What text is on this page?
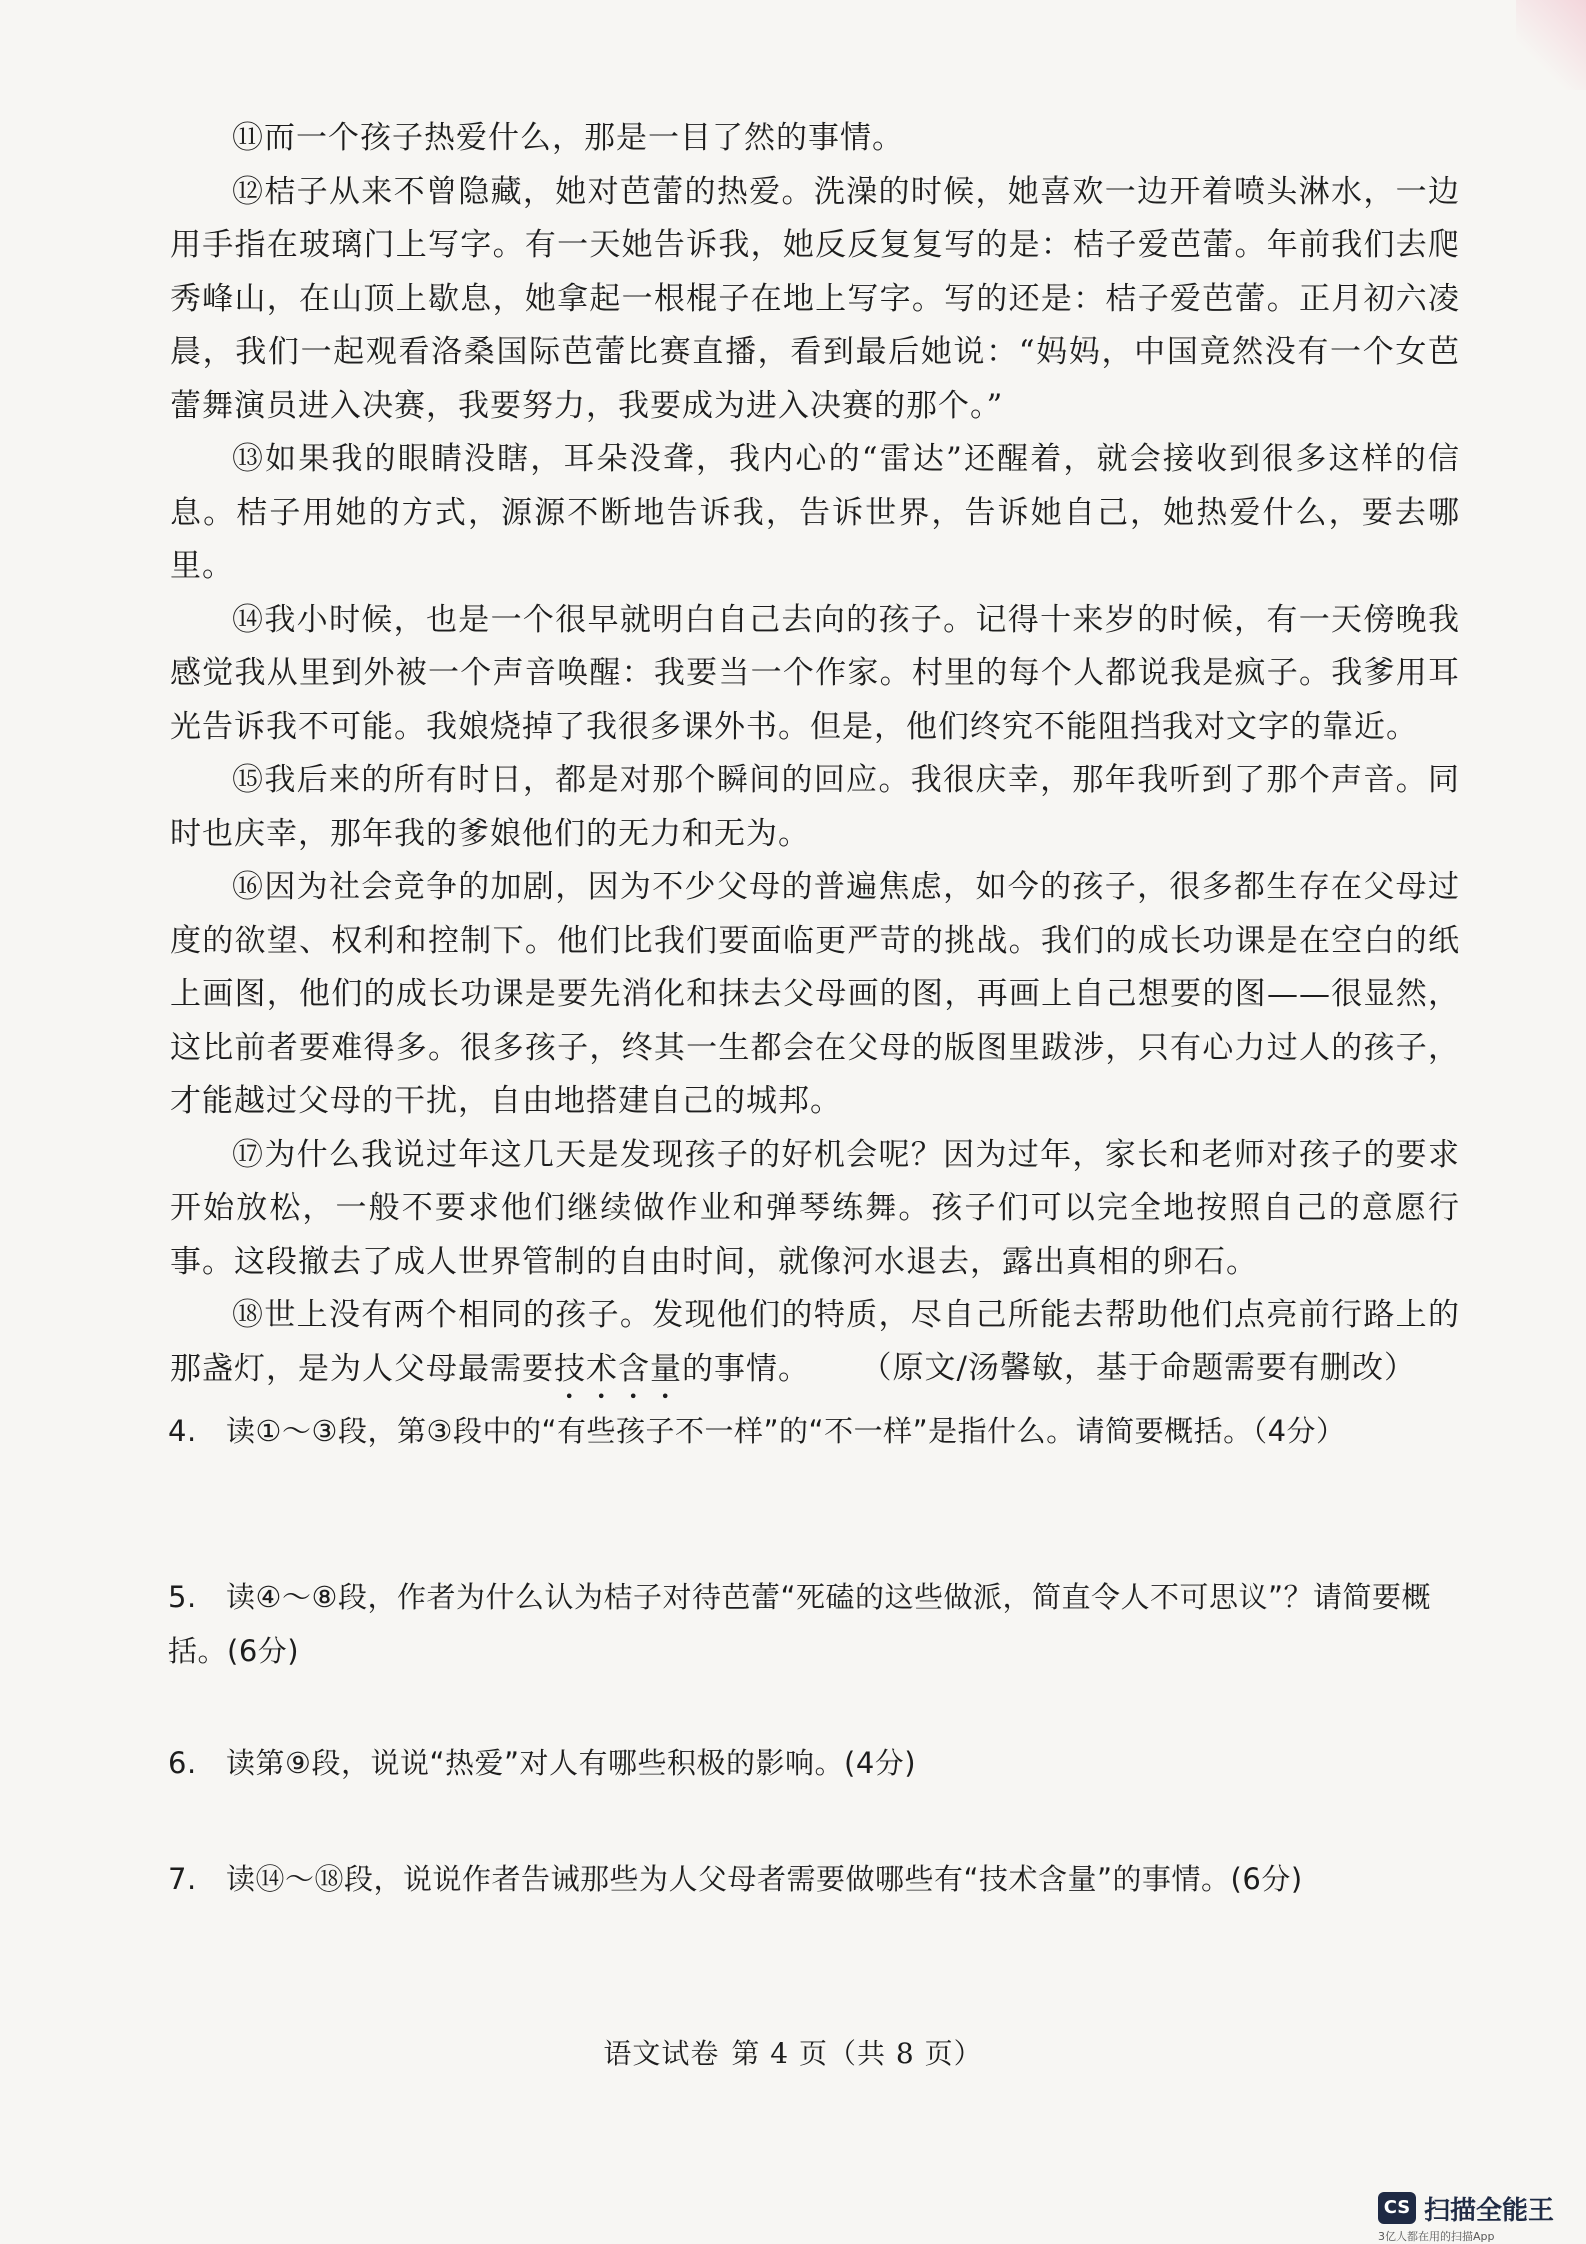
⑪而一个孩子热爱什么，那是一目了然的事情。

⑫桔子从来不曾隐藏，她对芭蕾的热爱。洗澡的时候，她喜欢一边开着喷头淋水，一边用手指在玻璃门上写字。有一天她告诉我，她反反复复写的是：桔子爱芭蕾。年前我们去爬秀峰山，在山顶上歇息，她拿起一根棍子在地上写字。写的还是：桔子爱芭蕾。正月初六凌晨，我们一起观看洛桑国际芭蕾比赛直播，看到最后她说：“妈妈，中国竟然没有一个女芭蕾舞演员进入决赛，我要努力，我要成为进入决赛的那个。”

⑬如果我的眼睛没瞎，耳朵没聋，我内心的“雷达”还醒着，就会接收到很多这样的信息。桔子用她的方式，源源不断地告诉我，告诉世界，告诉她自己，她热爱什么，要去哪里。

⑭我小时候，也是一个很早就明白自己去向的孩子。记得十来岁的时候，有一天傍晚我感觉我从里到外被一个声音唤醒：我要当一个作家。村里的每个人都说我是疯子。我爹用耳光告诉我不可能。我娘烧掉了我很多课外书。但是，他们终究不能阻挡我对文字的靠近。

⑮我后来的所有时日，都是对那个瞬间的回应。我很庆幸，那年我听到了那个声音。同时也庆幸，那年我的爹娘他们的无力和无为。

⑯因为社会竞争的加剧，因为不少父母的普遍焦虑，如今的孩子，很多都生存在父母过度的欲望、权利和控制下。他们比我们要面临更严苛的挑战。我们的成长功课是在空白的纸上画图，他们的成长功课是要先消化和抹去父母画的图，再画上自己想要的图——很显然，这比前者要难得多。很多孩子，终其一生都会在父母的版图里跋涉，只有心力过人的孩子，才能越过父母的干扰，自由地搭建自己的城邦。

⑰为什么我说过年这几天是发现孩子的好机会呢？因为过年，家长和老师对孩子的要求开始放松，一般不要求他们继续做作业和弹琴练舞。孩子们可以完全地按照自己的意愿行事。这段撤去了成人世界管制的自由时间，就像河水退去，露出真相的卵石。

⑱世上没有两个相同的孩子。发现他们的特质，尽自己所能去帮助他们点亮前行路上的那盏灯，是为人父母最需要技术含量的事情。	（原文/汤馨敏，基于命题需要有删改）
4. 读①～③段，第③段中的“有些孩子不一样”的“不一样”是指什么。请简要概括。（4分）
5. 读④～⑧段，作者为什么认为桔子对待芭蕾“死磕的这些做派，简直令人不可思议”？请简要概括。(6分)
6. 读第⑨段，说说“热爱”对人有哪些积极的影响。(4分)
7. 读⑭～⑱段，说说作者告诫那些为人父母者需要做哪些有“技术含量”的事情。(6分)
语文试卷 第 4 页（共 8 页）
CS 扫描全能王
3亿人都在用的扫描App
